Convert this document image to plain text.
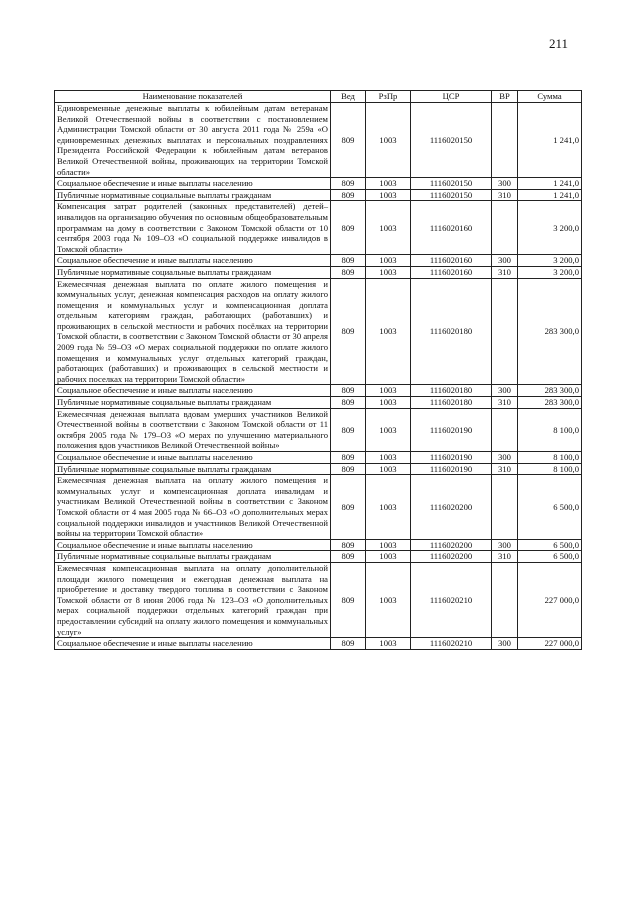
211
Наименование показателей	Вед	РзПр	ЦСР	ВР	Сумма
Единовременные денежные выплаты к юбилейным датам ветеранам Великой Отечественной войны в соответствии с постановлением Администрации Томской области от 30 августа 2011 года № 259а «О единовременных денежных выплатах и персональных поздравлениях Президента Российской Федерации к юбилейным датам ветеранов Великой Отечественной войны, проживающих на территории Томской области»	809	1003	1116020150		1 241,0
Социальное обеспечение и иные выплаты населению	809	1003	1116020150	300	1 241,0
Публичные нормативные социальные выплаты гражданам	809	1003	1116020150	310	1 241,0
Компенсация затрат родителей (законных представителей) детей–инвалидов на организацию обучения по основным общеобразовательным программам на дому в соответствии с Законом Томской области от 10 сентября 2003 года № 109–ОЗ «О социальной поддержке инвалидов в Томской области»	809	1003	1116020160		3 200,0
Социальное обеспечение и иные выплаты населению	809	1003	1116020160	300	3 200,0
Публичные нормативные социальные выплаты гражданам	809	1003	1116020160	310	3 200,0
Ежемесячная денежная выплата по оплате жилого помещения и коммунальных услуг, денежная компенсация расходов на оплату жилого помещения и коммунальных услуг и компенсационная доплата отдельным категориям граждан, работающих (работавших) и проживающих в сельской местности и рабочих посёлках на территории Томской области, в соответствии с Законом Томской области от 30 апреля 2009 года № 59–ОЗ «О мерах социальной поддержки по оплате жилого помещения и коммунальных услуг отдельных категорий граждан, работающих (работавших) и проживающих в сельской местности и рабочих поселках на территории Томской области»	809	1003	1116020180		283 300,0
Социальное обеспечение и иные выплаты населению	809	1003	1116020180	300	283 300,0
Публичные нормативные социальные выплаты гражданам	809	1003	1116020180	310	283 300,0
Ежемесячная денежная выплата вдовам умерших участников Великой Отечественной войны в соответствии с Законом Томской области от 11 октября 2005 года № 179–ОЗ «О мерах по улучшению материального положения вдов участников Великой Отечественной войны»	809	1003	1116020190		8 100,0
Социальное обеспечение и иные выплаты населению	809	1003	1116020190	300	8 100,0
Публичные нормативные социальные выплаты гражданам	809	1003	1116020190	310	8 100,0
Ежемесячная денежная выплата на оплату жилого помещения и коммунальных услуг и компенсационная доплата инвалидам и участникам Великой Отечественной войны в соответствии с Законом Томской области от 4 мая 2005 года № 66–ОЗ «О дополнительных мерах социальной поддержки инвалидов и участников Великой Отечественной войны на территории Томской области»	809	1003	1116020200		6 500,0
Социальное обеспечение и иные выплаты населению	809	1003	1116020200	300	6 500,0
Публичные нормативные социальные выплаты гражданам	809	1003	1116020200	310	6 500,0
Ежемесячная компенсационная выплата на оплату дополнительной площади жилого помещения и ежегодная денежная выплата на приобретение и доставку твердого топлива в соответствии с Законом Томской области от 8 июня 2006 года № 123–ОЗ «О дополнительных мерах социальной поддержки отдельных категорий граждан при предоставлении субсидий на оплату жилого помещения и коммунальных услуг»	809	1003	1116020210		227 000,0
Социальное обеспечение и иные выплаты населению	809	1003	1116020210	300	227 000,0
